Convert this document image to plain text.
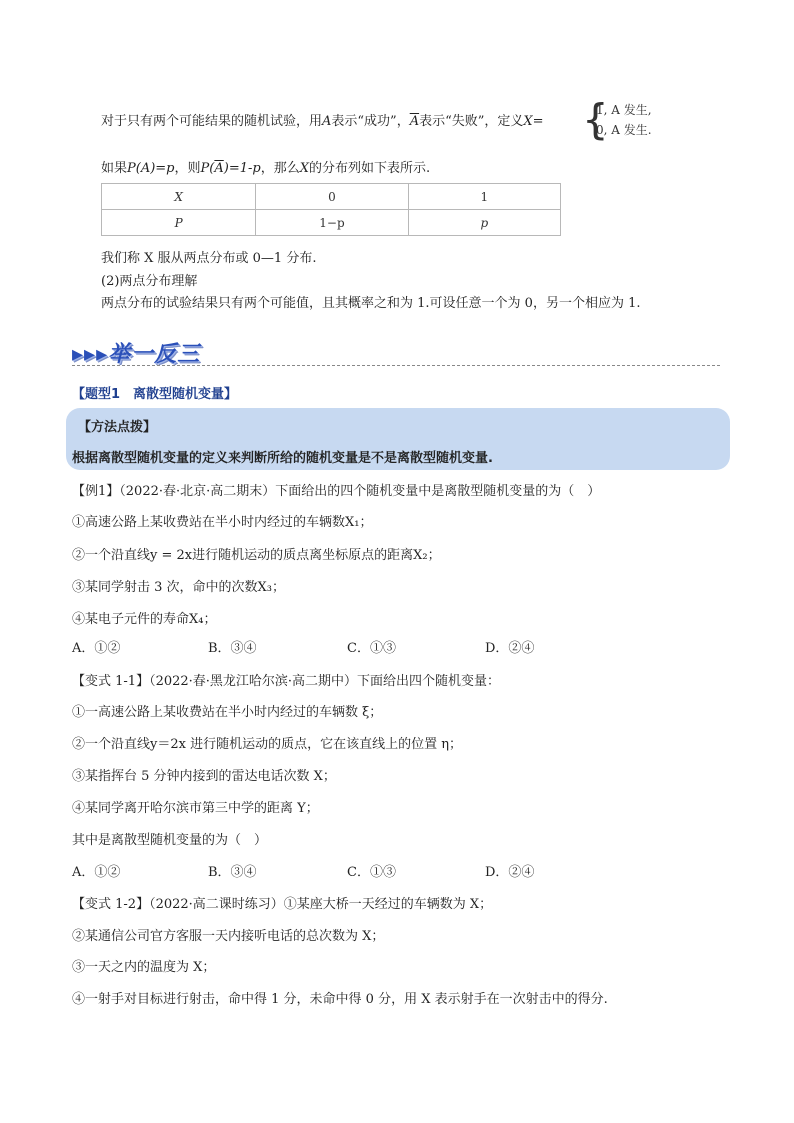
对于只有两个可能结果的随机试验，用A表示“成功”，$\overline{A}$表示“失败”，定义X= {
1, A 发生,
0, A 发生.
如果P(A)=p，则$P(\overline{A})=1-p$，那么X的分布列如下表所示.
X	0	1
P	1−p	p
我们称 X 服从两点分布或 0—1 分布.
(2)两点分布理解
两点分布的试验结果只有两个可能值，且其概率之和为 1.可设任意一个为 0，另一个相应为 1.
▸▸▸举一反三
【题型1　离散型随机变量】
【方法点拨】
根据离散型随机变量的定义来判断所给的随机变量是不是离散型随机变量.
【例1】（2022·春·北京·高二期末）下面给出的四个随机变量中是离散型随机变量的为（　）
①高速公路上某收费站在半小时内经过的车辆数X₁；
②一个沿直线y = 2x进行随机运动的质点离坐标原点的距离X₂；
③某同学射击 3 次，命中的次数X₃；
④某电子元件的寿命X₄；
A．①②	B．③④	C．①③	D．②④
【变式 1-1】（2022·春·黑龙江哈尔滨·高二期中）下面给出四个随机变量：
①一高速公路上某收费站在半小时内经过的车辆数 ξ；
②一个沿直线y＝2x 进行随机运动的质点，它在该直线上的位置 η；
③某指挥台 5 分钟内接到的雷达电话次数 X；
④某同学离开哈尔滨市第三中学的距离 Y；
其中是离散型随机变量的为（　）
A．①②	B．③④	C．①③	D．②④
【变式 1-2】（2022·高二课时练习）①某座大桥一天经过的车辆数为 X；
②某通信公司官方客服一天内接听电话的总次数为 X；
③一天之内的温度为 X；
④一射手对目标进行射击，命中得 1 分，未命中得 0 分，用 X 表示射手在一次射击中的得分.
